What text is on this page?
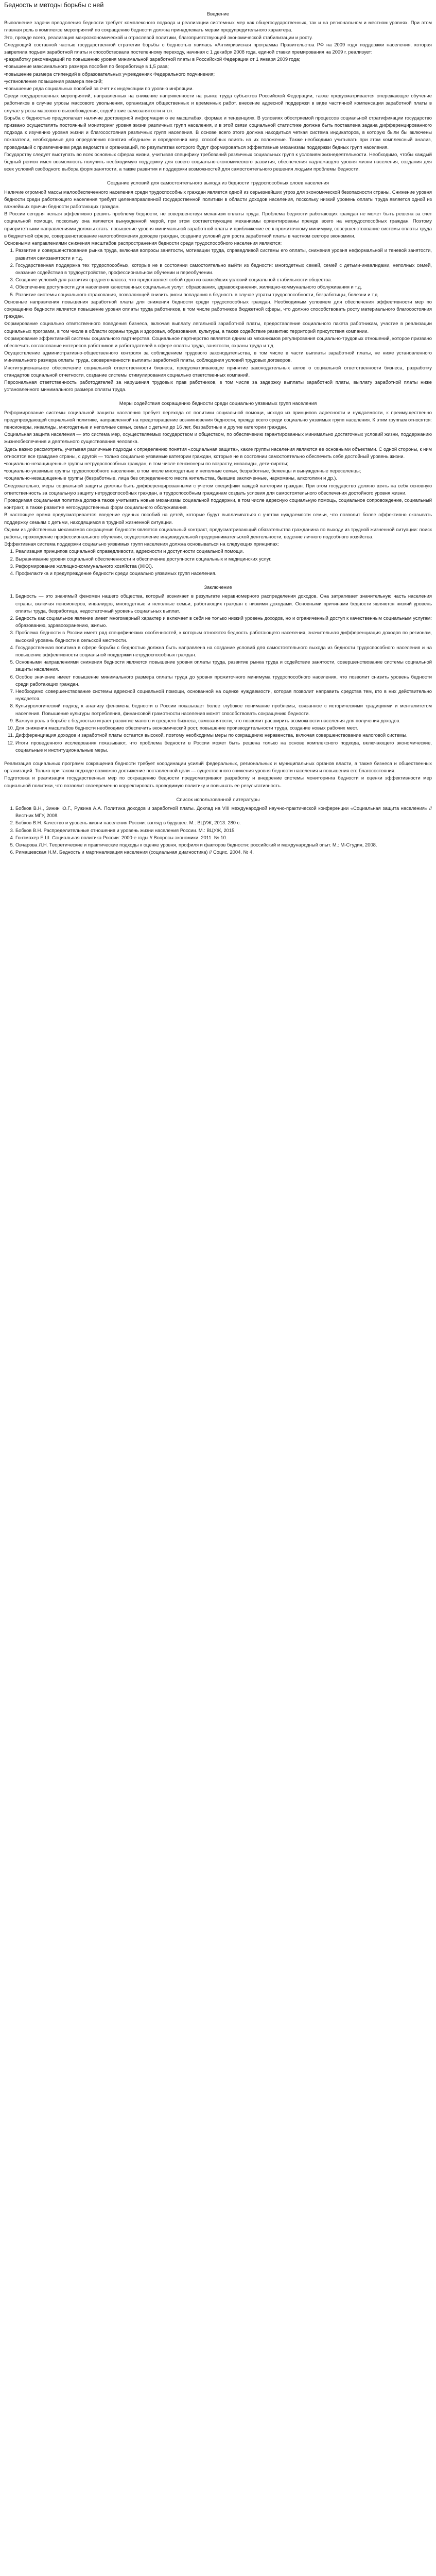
Бедность и методы борьбы с ней
Введение

Выполнение задачи преодоления бедности требует комплексного подхода и реализации системных мер как общегосударственных, так и на региональном и местном уровнях. При этом главная роль в комплексе мероприятий по сокращению бедности должна принадлежать мерам предупредительного характера.

Это, прежде всего, реализация макроэкономической и отраслевой политики, благоприятствующей экономической стабилизации и росту.

Следующий составной частью государственной стратегии борьбы с бедностью явилась «Антикризисная программа Правительства РФ на 2009 год» поддержки населения, которая закрепила подъем заработной платы и способствовала постепенному переходу, начиная с 1 декабря 2008 года, единой ставки премирования на 2009 г. реализует:

•разработку рекомендаций по повышению уровня минимальной заработной платы в Российской Федерации от 1 января 2009 года;

•повышение максимального размера пособия по безработице в 1,5 раза;

•повышение размера стипендий в образовательных учреждениях Федерального подчинения;

•установление повышения размера пенсий;

•повышение ряда социальных пособий за счет их индексации по уровню инфляции.

Среди государственных мероприятий, направленных на снижение напряженности на рынке труда субъектов Российской Федерации, также предусматривается опережающее обучение работников в случае угрозы массового увольнения, организация общественных и временных работ, внесение адресной поддержки в виде частичной компенсации заработной платы в случае угрозы массового высвобождения, содействие самозанятости и т.п.

Борьба с бедностью предполагает наличие достоверной информации о ее масштабах, формах и тенденциях. В условиях обостряемой процессов социальной стратификации государство призвано осуществлять постоянный мониторинг уровня жизни различных групп населения, и в этой связи социальной статистике должна быть поставлена задача дифференцированного подхода к изучению уровня жизни и благосостояния различных групп населения. В основе всего этого должна находиться четкая система индикаторов, в которую были бы включены показатели, необходимые для определения понятия «бедные» и определения мер, способных влиять на их положение. Также необходимо учитывать при этом комплексный анализ, проводимый с привлечением ряда ведомств и организаций, по результатам которого будут формироваться эффективные механизмы поддержки бедных групп населения.

Государству следует выступать во всех основных сферах жизни, учитывая специфику требований различных социальных групп к условиям жизнедеятельности. Необходимо, чтобы каждый бедный регион имел возможность получить необходимую поддержку для своего социально-экономического развития, обеспечения надлежащего уровня жизни населения, создания для всех условий свободного выбора форм занятости, а также развития и поддержки возможностей для самостоятельного решения людьми проблемы бедности.

Создание условий для самостоятельного выхода из бедности трудоспособных слоев населения

Наличие огромной массы малообеспеченного населения среди трудоспособных граждан является одной из серьезнейших угроз для экономической безопасности страны. Снижение уровня бедности среди работающего населения требует целенаправленной государственной политики в области доходов населения, поскольку низкий уровень оплаты труда является одной из важнейших причин бедности работающих граждан.

В России сегодня нельзя эффективно решить проблему бедности, не совершенствуя механизм оплаты труда. Проблема бедности работающих граждан не может быть решена за счет социальной помощи, поскольку она является вынужденной мерой, при этом соответствующие механизмы ориентированы прежде всего на нетрудоспособных граждан. Поэтому приоритетными направлениями должны стать: повышение уровня минимальной заработной платы и приближение ее к прожиточному минимуму, совершенствование системы оплаты труда в бюджетной сфере, совершенствование налогообложения доходов граждан, создание условий для роста заработной платы в частном секторе экономики.

Основными направлениями снижения масштабов распространения бедности среди трудоспособного населения являются:

1. Развитие и совершенствование рынка труда, включая вопросы занятости, мотивации труда, справедливой системы его оплаты, снижения уровня неформальной и теневой занятости, развития самозанятости и т.д.
2. Государственная поддержка тех трудоспособных, которые не в состоянии самостоятельно выйти из бедности: многодетных семей, семей с детьми-инвалидами, неполных семей, оказание содействия в трудоустройстве, профессиональном обучении и переобучении.
3. Создание условий для развития среднего класса, что представляет собой одно из важнейших условий социальной стабильности общества.
4. Обеспечение доступности для населения качественных социальных услуг: образования, здравоохранения, жилищно-коммунального обслуживания и т.д.
5. Развитие системы социального страхования, позволяющей снизить риски попадания в бедность в случае утраты трудоспособности, безработицы, болезни и т.д.

Основные направления повышения заработной платы для снижения бедности среди трудоспособных граждан. Необходимым условием для обеспечения эффективности мер по сокращению бедности является повышение уровня оплаты труда работников, в том числе работников бюджетной сферы, что должно способствовать росту материального благосостояния граждан.

Формирование социально ответственного поведения бизнеса, включая выплату легальной заработной платы, предоставление социального пакета работникам, участие в реализации социальных программ, в том числе в области охраны труда и здоровья, образования, культуры, а также содействие развитию территорий присутствия компании.

Формирование эффективной системы социального партнерства. Социальное партнерство является одним из механизмов регулирования социально-трудовых отношений, которое призвано обеспечить согласование интересов работников и работодателей в сфере оплаты труда, занятости, охраны труда и т.д.

Осуществление административно-общественного контроля за соблюдением трудового законодательства, в том числе в части выплаты заработной платы, не ниже установленного минимального размера оплаты труда, своевременности выплаты заработной платы, соблюдения условий трудовых договоров.

Институциональное обеспечение социальной ответственности бизнеса, предусматривающее принятие законодательных актов о социальной ответственности бизнеса, разработку стандартов социальной отчетности, создание системы стимулирования социально ответственных компаний.

Персональная ответственность работодателей за нарушения трудовых прав работников, в том числе за задержку выплаты заработной платы, выплату заработной платы ниже установленного минимального размера оплаты труда.

Меры содействия сокращению бедности среди социально уязвимых групп населения

Реформирование системы социальной защиты населения требует перехода от политики социальной помощи, исходя из принципов адресности и нуждаемости, к преимущественно предупреждающей социальной политике, направленной на предотвращение возникновения бедности, прежде всего среди социально уязвимых групп населения. К этим группам относятся: пенсионеры, инвалиды, многодетные и неполные семьи, семьи с детьми до 16 лет, безработные и другие категории граждан.

Социальная защита населения — это система мер, осуществляемых государством и обществом, по обеспечению гарантированных минимально достаточных условий жизни, поддержанию жизнеобеспечения и деятельного существования человека.

Здесь важно рассмотреть, учитывая различные подходы к определению понятия «социальная защита», какие группы населения являются ее основными объектами. С одной стороны, к ним относятся все граждане страны, с другой — только социально уязвимые категории граждан, которые не в состоянии самостоятельно обеспечить себе достойный уровень жизни.

•социально-незащищенные группы нетрудоспособных граждан, в том числе пенсионеры по возрасту, инвалиды, дети-сироты;

•социально-уязвимые группы трудоспособного населения, в том числе многодетные и неполные семьи, безработные, беженцы и вынужденные переселенцы;

•социально-незащищенные группы (безработные, лица без определенного места жительства, бывшие заключенные, наркоманы, алкоголики и др.).

Следовательно, меры социальной защиты должны быть дифференцированными с учетом специфики каждой категории граждан. При этом государство должно взять на себя основную ответственность за социальную защиту нетрудоспособных граждан, а трудоспособным гражданам создать условия для самостоятельного обеспечения достойного уровня жизни.

Проводимая социальная политика должна также учитывать новые механизмы социальной поддержки, в том числе адресную социальную помощь, социальное сопровождение, социальный контракт, а также развитие негосударственных форм социального обслуживания.

В настоящее время предусматривается введение единых пособий на детей, которые будут выплачиваться с учетом нуждаемости семьи, что позволит более эффективно оказывать поддержку семьям с детьми, находящимся в трудной жизненной ситуации.

Одним из действенных механизмов сокращения бедности является социальный контракт, предусматривающий обязательства гражданина по выходу из трудной жизненной ситуации: поиск работы, прохождение профессионального обучения, осуществление индивидуальной предпринимательской деятельности, ведение личного подсобного хозяйства.

Эффективная система поддержки социально уязвимых групп населения должна основываться на следующих принципах:

1. Реализация принципов социальной справедливости, адресности и доступности социальной помощи.
2. Выравнивание уровня социальной обеспеченности и обеспечение доступности социальных и медицинских услуг.
3. Реформирование жилищно-коммунального хозяйства (ЖКХ).
4. Профилактика и предупреждение бедности среди социально уязвимых групп населения.
Заключение
1. Бедность — это значимый феномен нашего общества, который возникает в результате неравномерного распределения доходов. Она затрагивает значительную часть населения страны, включая пенсионеров, инвалидов, многодетные и неполные семьи, работающих граждан с низкими доходами. Основными причинами бедности являются низкий уровень оплаты труда, безработица, недостаточный уровень социальных выплат.
2. Бедность как социальное явление имеет многомерный характер и включает в себя не только низкий уровень доходов, но и ограниченный доступ к качественным социальным услугам: образованию, здравоохранению, жилью.
3. Проблема бедности в России имеет ряд специфических особенностей, к которым относятся бедность работающего населения, значительная дифференциация доходов по регионам, высокий уровень бедности в сельской местности.
4. Государственная политика в сфере борьбы с бедностью должна быть направлена на создание условий для самостоятельного выхода из бедности трудоспособного населения и на повышение эффективности социальной поддержки нетрудоспособных граждан.
5. Основными направлениями снижения бедности являются повышение уровня оплаты труда, развитие рынка труда и содействие занятости, совершенствование системы социальной защиты населения.
6. Особое значение имеет повышение минимального размера оплаты труда до уровня прожиточного минимума трудоспособного населения, что позволит снизить уровень бедности среди работающих граждан.
7. Необходимо совершенствование системы адресной социальной помощи, основанной на оценке нуждаемости, которая позволит направить средства тем, кто в них действительно нуждается.
8. Культурологический подход к анализу феномена бедности в России показывает более глубокое понимание проблемы, связанное с историческими традициями и менталитетом населения. Повышение культуры потребления, финансовой грамотности населения может способствовать сокращению бедности.
9. Важную роль в борьбе с бедностью играет развитие малого и среднего бизнеса, самозанятости, что позволит расширить возможности населения для получения доходов.
10. Для снижения масштабов бедности необходимо обеспечить экономический рост, повышение производительности труда, создание новых рабочих мест.
11. Дифференциация доходов и заработной платы остается высокой, поэтому необходимы меры по сокращению неравенства, включая совершенствование налоговой системы.
12. Итоги проведенного исследования показывают, что проблема бедности в России может быть решена только на основе комплексного подхода, включающего экономические, социальные и институциональные меры.

Реализация социальных программ сокращения бедности требует координации усилий федеральных, региональных и муниципальных органов власти, а также бизнеса и общественных организаций. Только при таком подходе возможно достижение поставленной цели — существенного снижения уровня бедности населения и повышения его благосостояния.

Подготовка и реализация государственных мер по сокращению бедности предусматривают разработку и внедрение системы мониторинга бедности и оценки эффективности мер социальной политики, что позволит своевременно корректировать проводимую политику и повышать ее результативность.

Список использованной литературы
1. Бобков В.Н., Зинин Ю.Г., Ружина А.А. Политика доходов и заработной платы. Доклад на VIII международной научно-практической конференции «Социальная защита населения» // Вестник МГУ, 2008.
2. Бобков В.Н. Качество и уровень жизни населения России: взгляд в будущее. М.: ВЦУЖ, 2013. 280 с.
3. Бобков В.Н. Распределительные отношения и уровень жизни населения России. М.: ВЦУЖ, 2015.
4. Гонтмахер Е.Ш. Социальная политика России: 2000-е годы // Вопросы экономики. 2011. № 10.
5. Овчарова Л.Н. Теоретические и практические подходы к оценке уровня, профиля и факторов бедности: российский и международный опыт. М.: М-Студия, 2008.
6. Римашевская Н.М. Бедность и маргинализация населения (социальная диагностика) // Социс. 2004. № 4.
